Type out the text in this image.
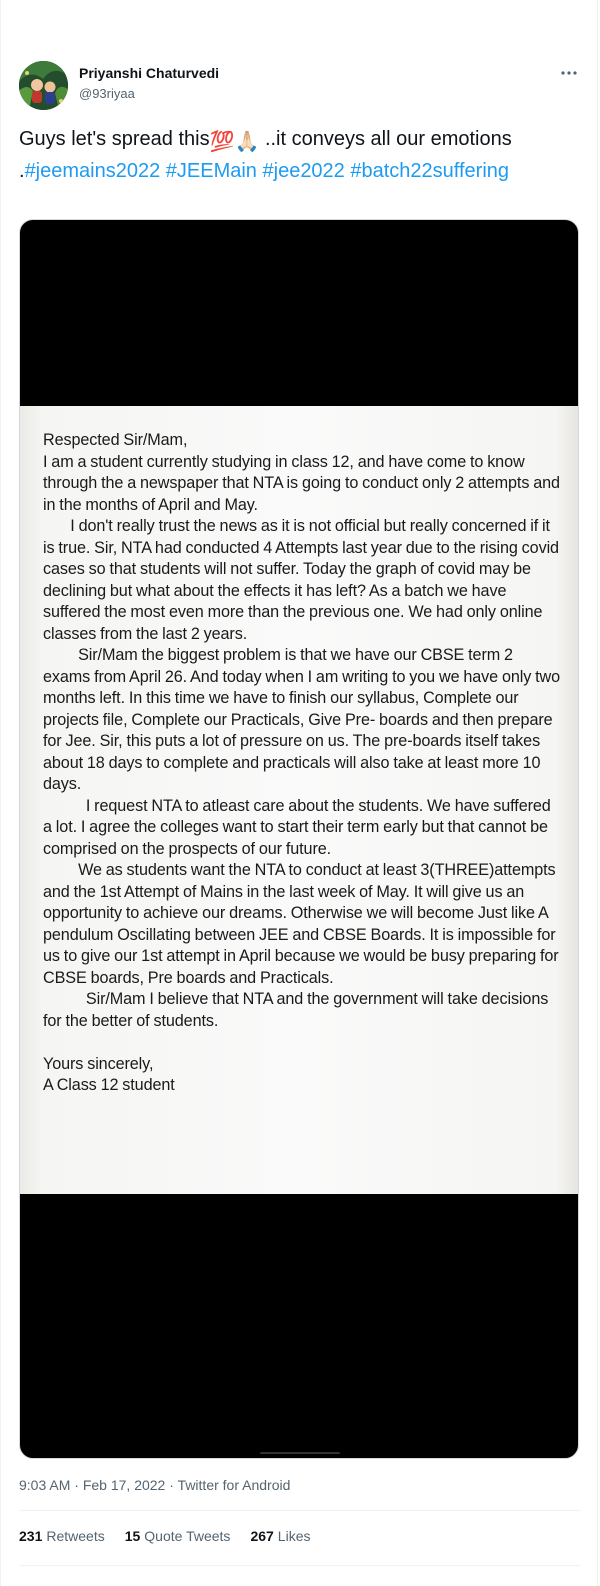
Priyanshi Chaturvedi
@93riyaa
Guys let's spread this💯🙏🏻 ..it conveys all our emotions .#jeemains2022 #JEEMain #jee2022 #batch22suffering

Respected Sir/Mam,

I am a student currently studying in class 12, and have come to know through the a newspaper that NTA is going to conduct only 2 attempts and in the months of April and May.

I don't really trust the news as it is not official but really concerned if it is true. Sir, NTA had conducted 4 Attempts last year due to the rising covid cases so that students will not suffer. Today the graph of covid may be declining but what about the effects it has left? As a batch we have suffered the most even more than the previous one. We had only online classes from the last 2 years.

Sir/Mam the biggest problem is that we have our CBSE term 2 exams from April 26. And today when I am writing to you we have only two months left. In this time we have to finish our syllabus, Complete our projects file, Complete our Practicals, Give Pre- boards and then prepare for Jee. Sir, this puts a lot of pressure on us. The pre-boards itself takes about 18 days to complete and practicals will also take at least more 10 days.

I request NTA to atleast care about the students. We have suffered a lot. I agree the colleges want to start their term early but that cannot be comprised on the prospects of our future.

We as students want the NTA to conduct at least 3(THREE)attempts and the 1st Attempt of Mains in the last week of May. It will give us an opportunity to achieve our dreams. Otherwise we will become Just like A pendulum Oscillating between JEE and CBSE Boards. It is impossible for us to give our 1st attempt in April because we would be busy preparing for CBSE boards, Pre boards and Practicals.

Sir/Mam I believe that NTA and the government will take decisions for the better of students.

Yours sincerely,

A Class 12 student

9:03 AM · Feb 17, 2022 · Twitter for Android
231 Retweets 15 Quote Tweets 267 Likes
